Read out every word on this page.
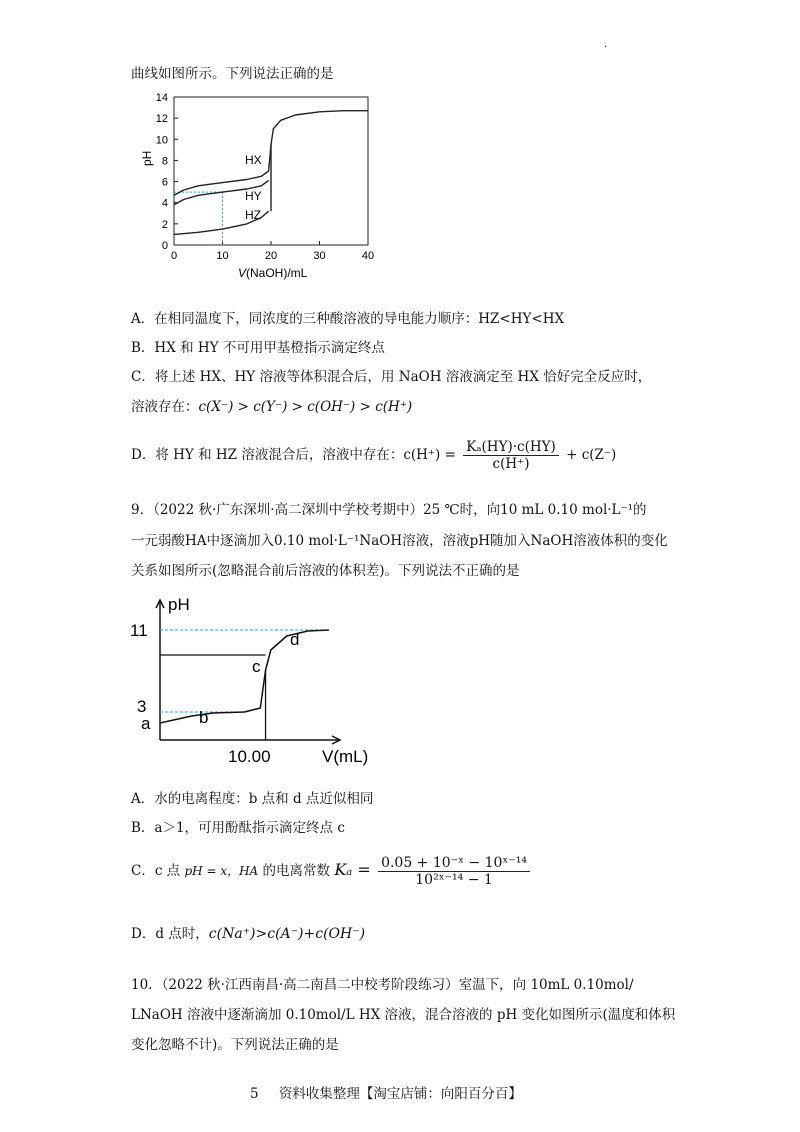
·
曲线如图所示。下列说法正确的是
14
12
10
8
6
4
2
0
0	10	20	30	40
pH
V(NaOH)/mL
HX
HY
HZ
A．在相同温度下，同浓度的三种酸溶液的导电能力顺序：HZ<HY<HX
B．HX 和 HY 不可用甲基橙指示滴定终点
C．将上述 HX、HY 溶液等体积混合后，用 NaOH 溶液滴定至 HX 恰好完全反应时，
溶液存在：c(X⁻) > c(Y⁻) > c(OH⁻) > c(H⁺)
D．将 HY 和 HZ 溶液混合后，溶液中存在：$c(H^+) = \frac{\text{Kₐ(HY)·c(HY)}}{c(H^+)} + c(Z^-)$
9．（2022 秋·广东深圳·高二深圳中学校考期中）25 ℃时，向10 mL 0.10 mol·L⁻¹的
一元弱酸HA中逐滴加入0.10 mol·L⁻¹NaOH溶液，溶液pH随加入NaOH溶液体积的变化
关系如图所示(忽略混合前后溶液的体积差)。下列说法不正确的是
pH
V(mL)
11
3
10.00
a	b
c
d
A．水的电离程度：b 点和 d 点近似相同
B．a＞1，可用酚酞指示滴定终点 c
C．c 点 pH = x，HA 的电离常数 $K_a = \frac{\text{0.05 + 10⁻ˣ − 10ˣ⁻¹⁴}}{\text{10²ˣ⁻¹⁴ − 1}}$
D．d 点时，c(Na⁺)>c(A⁻)+c(OH⁻)
10．（2022 秋·江西南昌·高二南昌二中校考阶段练习）室温下，向 10mL 0.10mol/
LNaOH 溶液中逐渐滴加 0.10mol/L HX 溶液，混合溶液的 pH 变化如图所示(温度和体积
变化忽略不计)。下列说法正确的是
5 资料收集整理【淘宝店铺：向阳百分百】
